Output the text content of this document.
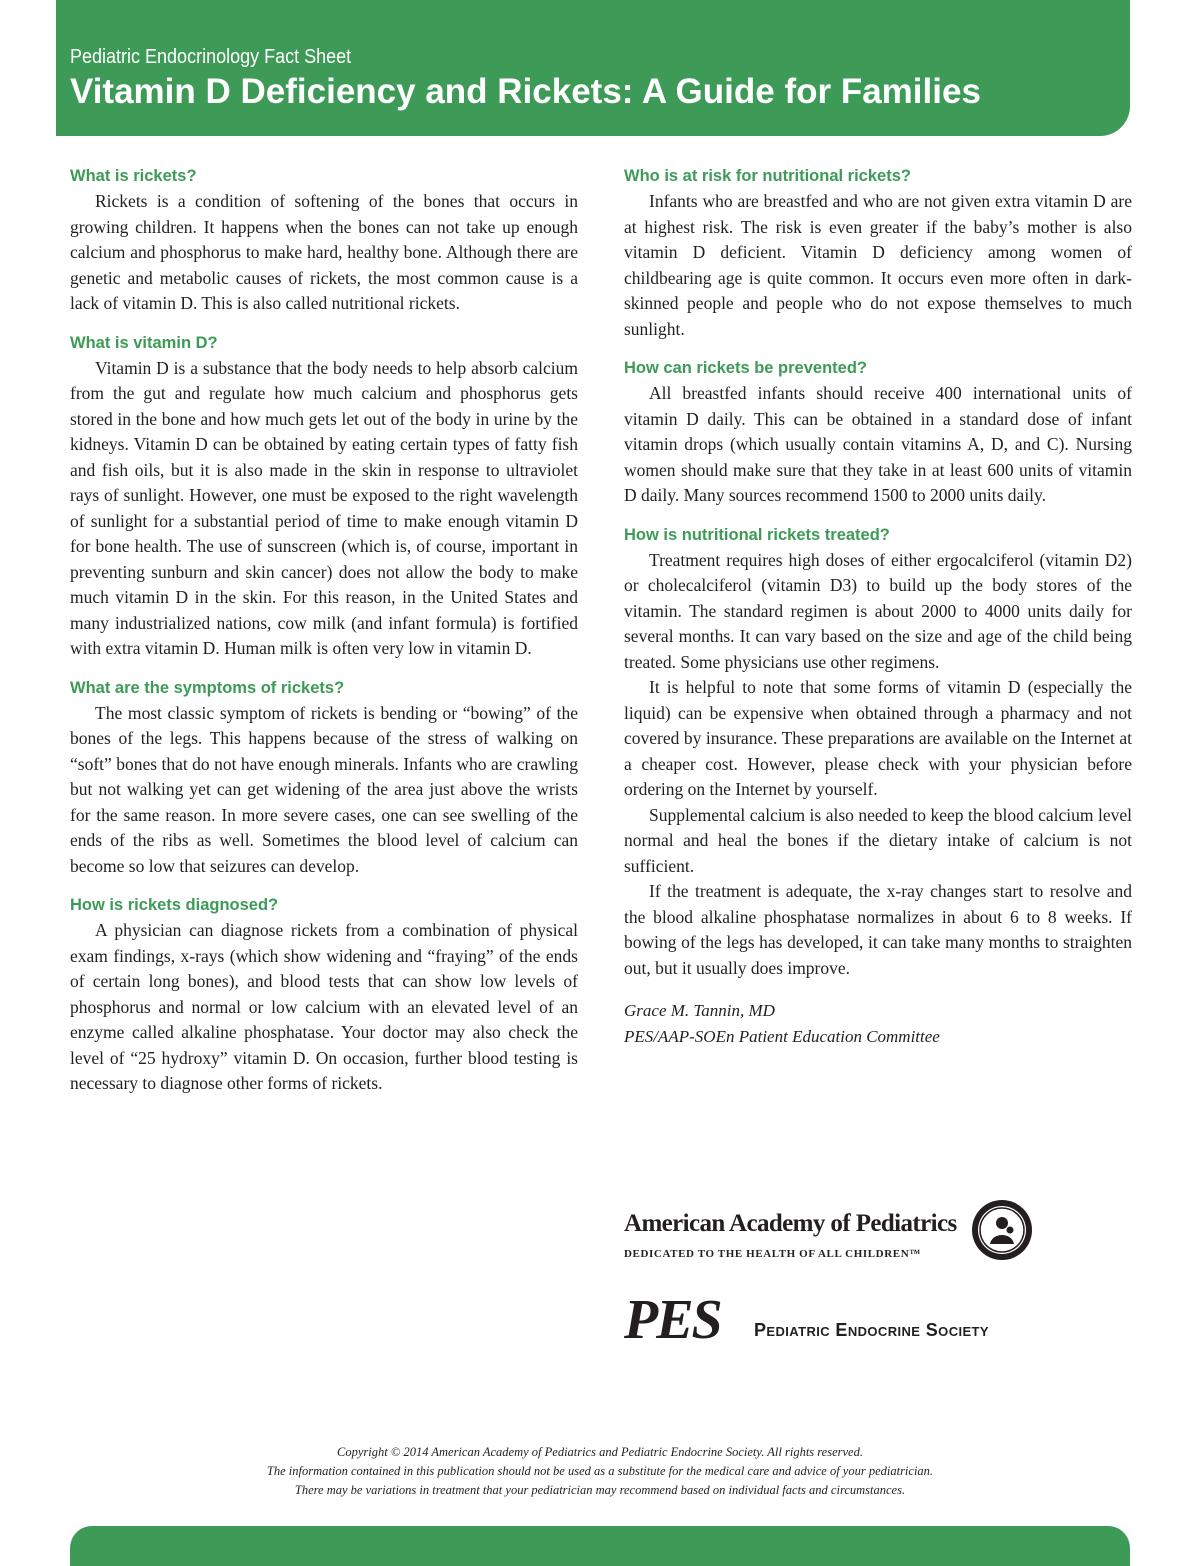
Pediatric Endocrinology Fact Sheet
Vitamin D Deficiency and Rickets: A Guide for Families
What is rickets?

Rickets is a condition of softening of the bones that occurs in growing children. It happens when the bones can not take up enough calcium and phosphorus to make hard, healthy bone. Although there are genetic and metabolic causes of rickets, the most common cause is a lack of vitamin D. This is also called nutritional rickets.

What is vitamin D?

Vitamin D is a substance that the body needs to help absorb calcium from the gut and regulate how much calcium and phosphorus gets stored in the bone and how much gets let out of the body in urine by the kidneys. Vitamin D can be obtained by eating certain types of fatty fish and fish oils, but it is also made in the skin in response to ultraviolet rays of sunlight. However, one must be exposed to the right wavelength of sunlight for a substantial period of time to make enough vitamin D for bone health. The use of sunscreen (which is, of course, important in preventing sunburn and skin cancer) does not allow the body to make much vitamin D in the skin. For this reason, in the United States and many industrialized nations, cow milk (and infant formula) is fortified with extra vitamin D. Human milk is often very low in vitamin D.

What are the symptoms of rickets?

The most classic symptom of rickets is bending or “bowing” of the bones of the legs. This happens because of the stress of walking on “soft” bones that do not have enough minerals. Infants who are crawling but not walking yet can get widening of the area just above the wrists for the same reason. In more severe cases, one can see swelling of the ends of the ribs as well. Sometimes the blood level of calcium can become so low that seizures can develop.

How is rickets diagnosed?

A physician can diagnose rickets from a combination of physical exam findings, x-rays (which show widening and “fraying” of the ends of certain long bones), and blood tests that can show low levels of phosphorus and normal or low calcium with an elevated level of an enzyme called alkaline phosphatase. Your doctor may also check the level of “25 hydroxy” vitamin D. On occasion, further blood testing is necessary to diagnose other forms of rickets.

Who is at risk for nutritional rickets?

Infants who are breastfed and who are not given extra vitamin D are at highest risk. The risk is even greater if the baby’s mother is also vitamin D deficient. Vitamin D deficiency among women of childbearing age is quite common. It occurs even more often in dark-skinned people and people who do not expose themselves to much sunlight.

How can rickets be prevented?

All breastfed infants should receive 400 international units of vitamin D daily. This can be obtained in a standard dose of infant vitamin drops (which usually contain vitamins A, D, and C). Nursing women should make sure that they take in at least 600 units of vitamin D daily. Many sources recommend 1500 to 2000 units daily.

How is nutritional rickets treated?

Treatment requires high doses of either ergocalciferol (vitamin D2) or cholecalciferol (vitamin D3) to build up the body stores of the vitamin. The standard regimen is about 2000 to 4000 units daily for several months. It can vary based on the size and age of the child being treated. Some physicians use other regimens.

It is helpful to note that some forms of vitamin D (especially the liquid) can be expensive when obtained through a pharmacy and not covered by insurance. These preparations are available on the Internet at a cheaper cost. However, please check with your physician before ordering on the Internet by yourself.

Supplemental calcium is also needed to keep the blood calcium level normal and heal the bones if the dietary intake of calcium is not sufficient.

If the treatment is adequate, the x-ray changes start to resolve and the blood alkaline phosphatase normalizes in about 6 to 8 weeks. If bowing of the legs has developed, it can take many months to straighten out, but it usually does improve.

Grace M. Tannin, MD
PES/AAP-SOEn Patient Education Committee
American Academy of Pediatrics
DEDICATED TO THE HEALTH OF ALL CHILDREN™
PES Pediatric Endocrine Society
Copyright © 2014 American Academy of Pediatrics and Pediatric Endocrine Society. All rights reserved.
The information contained in this publication should not be used as a substitute for the medical care and advice of your pediatrician.
There may be variations in treatment that your pediatrician may recommend based on individual facts and circumstances.
